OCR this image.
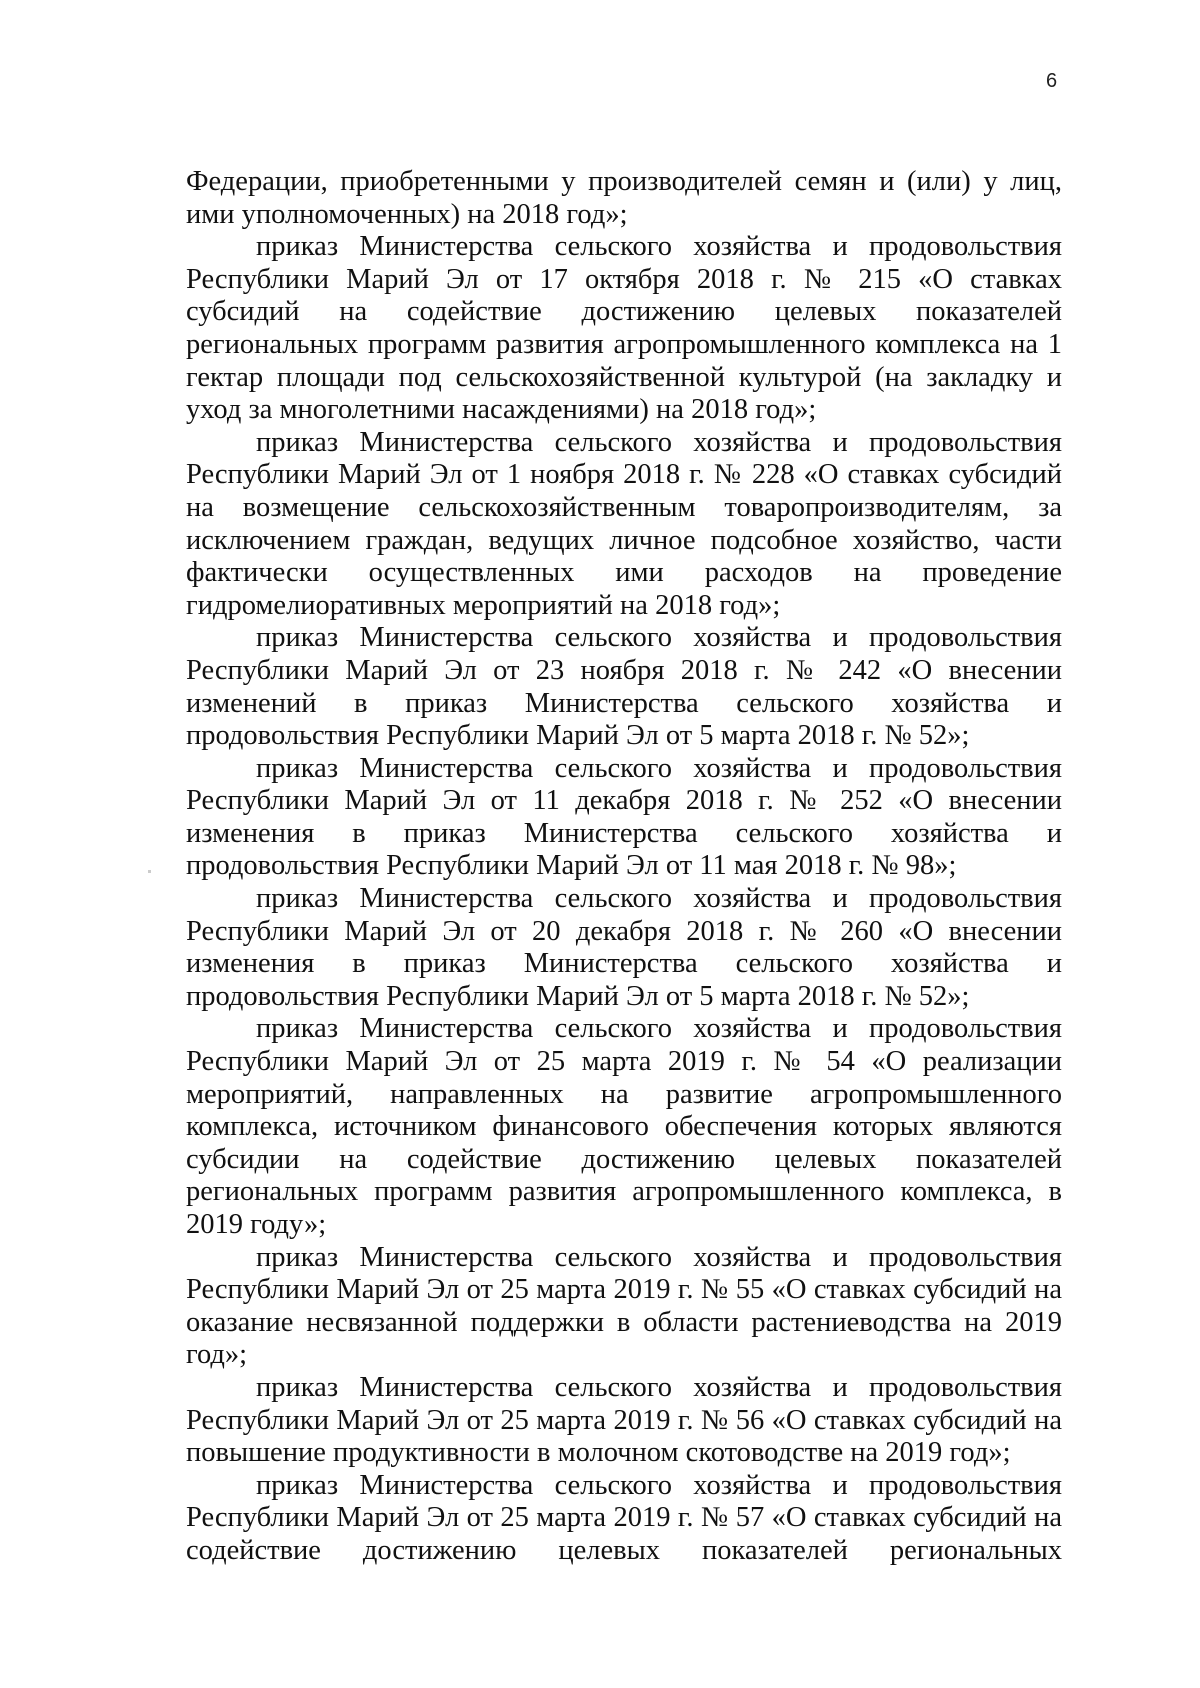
6

Федерации, приобретенными у производителей семян и (или) у лиц, ими уполномоченных) на 2018 год»;

приказ Министерства сельского хозяйства и продовольствия Республики Марий Эл от 17 октября 2018 г. № 215 «О ставках субсидий на содействие достижению целевых показателей региональных программ развития агропромышленного комплекса на 1 гектар площади под сельскохозяйственной культурой (на закладку и уход за многолетними насаждениями) на 2018 год»;

приказ Министерства сельского хозяйства и продовольствия Республики Марий Эл от 1 ноября 2018 г. № 228 «О ставках субсидий на возмещение сельскохозяйственным товаропроизводителям, за исключением граждан, ведущих личное подсобное хозяйство, части фактически осуществленных ими расходов на проведение гидромелиоративных мероприятий на 2018 год»;

приказ Министерства сельского хозяйства и продовольствия Республики Марий Эл от 23 ноября 2018 г. № 242 «О внесении изменений в приказ Министерства сельского хозяйства и продовольствия Республики Марий Эл от 5 марта 2018 г. № 52»;

приказ Министерства сельского хозяйства и продовольствия Республики Марий Эл от 11 декабря 2018 г. № 252 «О внесении изменения в приказ Министерства сельского хозяйства и продовольствия Республики Марий Эл от 11 мая 2018 г. № 98»;

приказ Министерства сельского хозяйства и продовольствия Республики Марий Эл от 20 декабря 2018 г. № 260 «О внесении изменения в приказ Министерства сельского хозяйства и продовольствия Республики Марий Эл от 5 марта 2018 г. № 52»;

приказ Министерства сельского хозяйства и продовольствия Республики Марий Эл от 25 марта 2019 г. № 54 «О реализации мероприятий, направленных на развитие агропромышленного комплекса, источником финансового обеспечения которых являются субсидии на содействие достижению целевых показателей региональных программ развития агропромышленного комплекса, в 2019 году»;

приказ Министерства сельского хозяйства и продовольствия Республики Марий Эл от 25 марта 2019 г. № 55 «О ставках субсидий на оказание несвязанной поддержки в области растениеводства на 2019 год»;

приказ Министерства сельского хозяйства и продовольствия Республики Марий Эл от 25 марта 2019 г. № 56 «О ставках субсидий на повышение продуктивности в молочном скотоводстве на 2019 год»;

приказ Министерства сельского хозяйства и продовольствия Республики Марий Эл от 25 марта 2019 г. № 57 «О ставках субсидий на содействие достижению целевых показателей региональных
